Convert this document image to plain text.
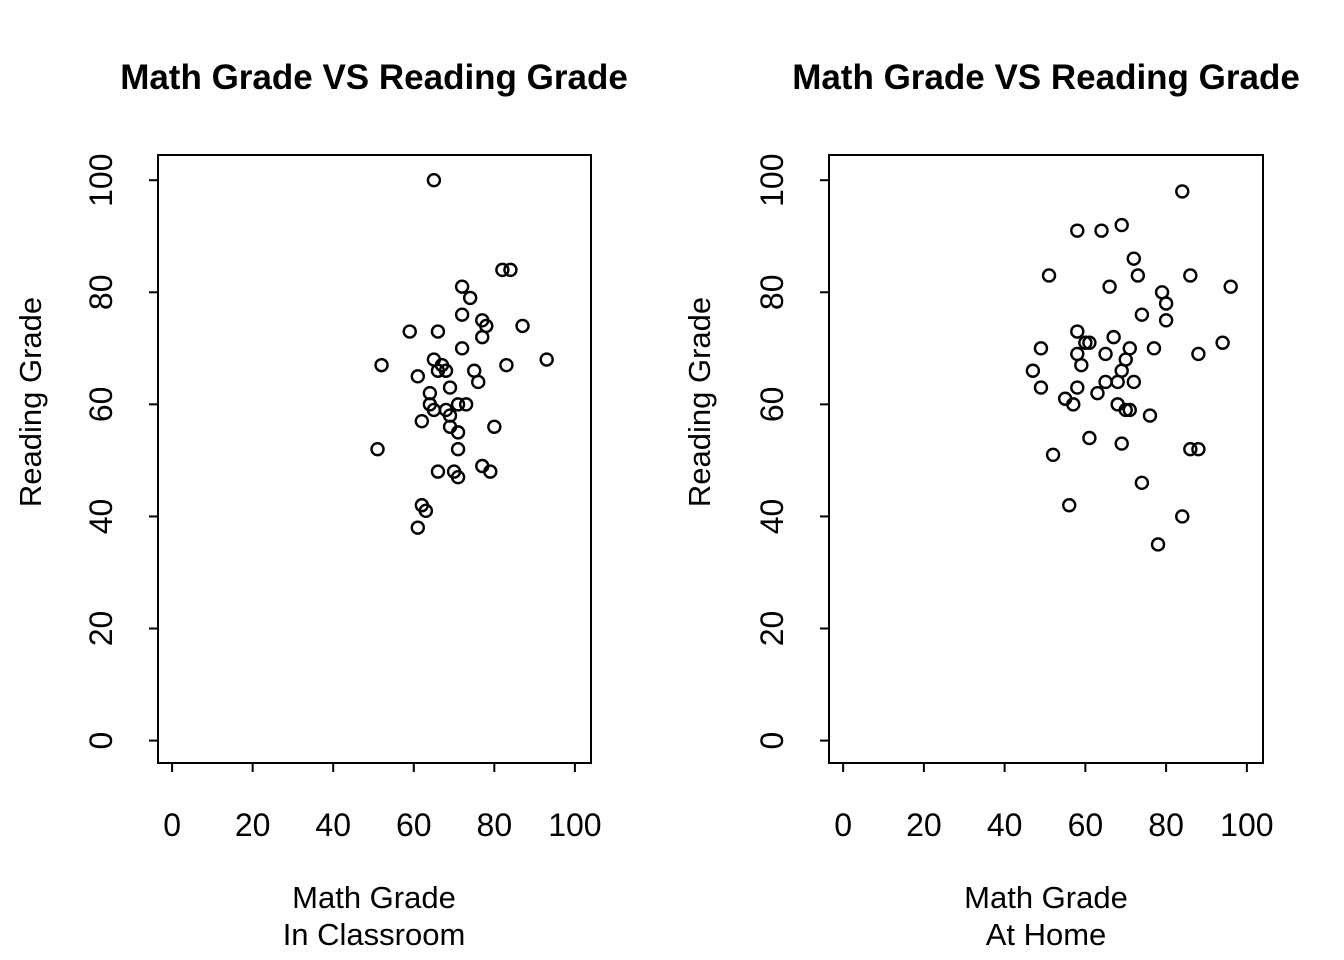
0 20 40 60 80 100
0
20
40
60
80
100
0 20 40 60 80 100
0
20
40
60
80
100
Math Grade VS Reading Grade	Math Grade VS Reading Grade
Reading Grade	Reading Grade
Math Grade
In Classroom
Math Grade
At Home
